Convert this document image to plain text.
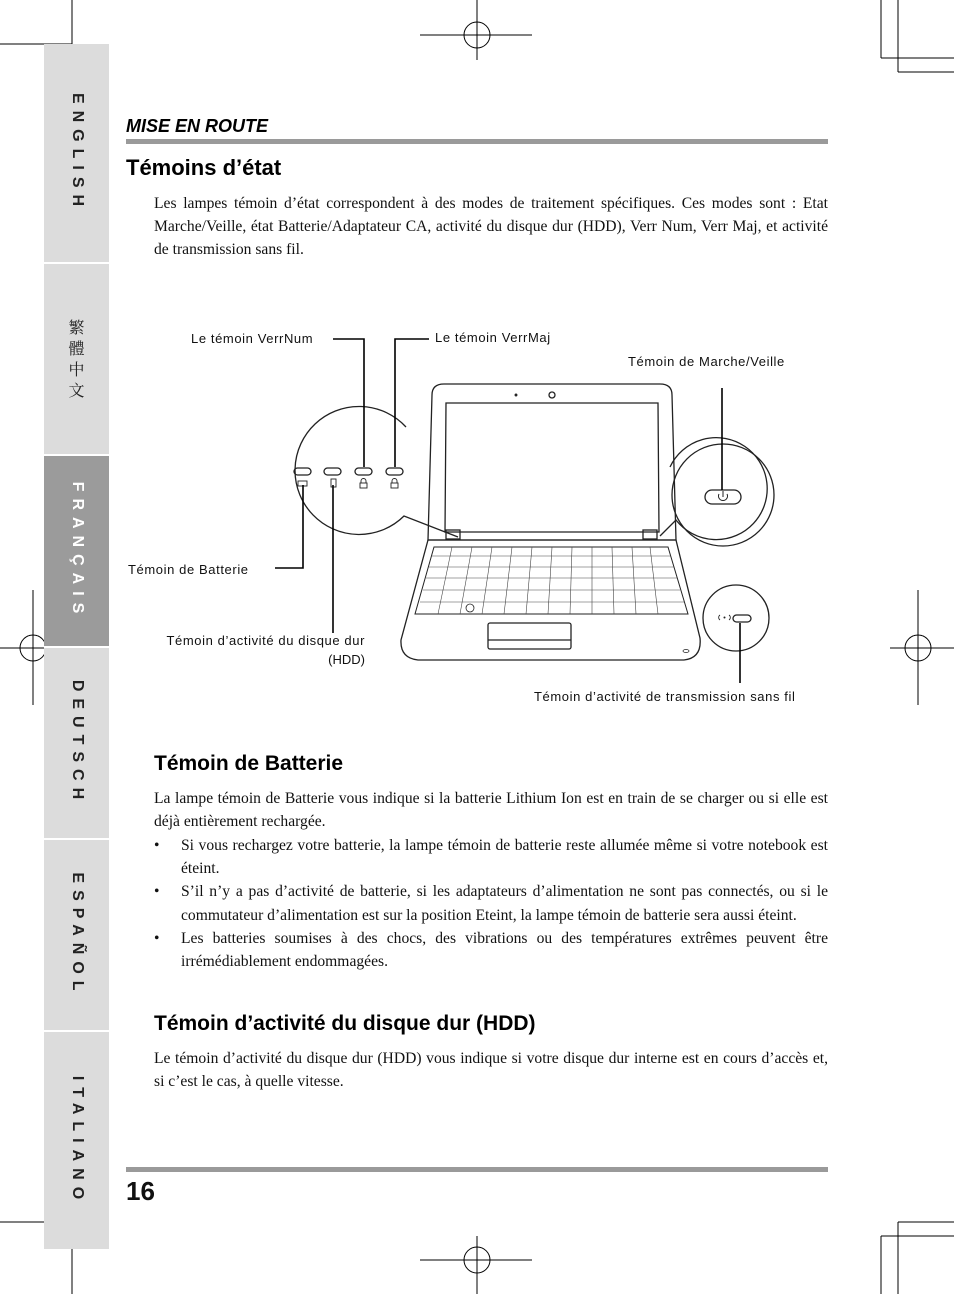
ENGLISH
繁體中文
FRANÇAIS
DEUTSCH
ESPAÑOL
ITALIANO
MISE EN ROUTE
Témoins d’état

Les lampes témoin d’état correspondent à des modes de traitement spécifiques. Ces modes sont : Etat Marche/Veille, état Batterie/Adaptateur CA, activité du disque dur (HDD), Verr Num, Verr Maj, et activité de transmission sans fil.

Le témoin VerrNum	Le témoin VerrMaj
Témoin de Marche/Veille
Témoin de Batterie
Témoin d’activité du disque dur
(HDD)
Témoin d’activité de transmission sans fil
Témoin de Batterie

La lampe témoin de Batterie vous indique si la batterie Lithium Ion est en train de se charger ou si elle est déjà entièrement rechargée.

• Si vous rechargez votre batterie, la lampe témoin de batterie reste allumée même si votre notebook est éteint.
• S’il n’y a pas d’activité de batterie, si les adaptateurs d’alimentation ne sont pas connectés, ou si le commutateur d’alimentation est sur la position Eteint, la lampe témoin de batterie sera aussi éteint.
• Les batteries soumises à des chocs, des vibrations ou des températures extrêmes peuvent être irrémédiablement endommagées.
Témoin d’activité du disque dur (HDD)

Le témoin d’activité du disque dur (HDD) vous indique si votre disque dur interne est en cours d’accès et, si c’est le cas, à quelle vitesse.

16
